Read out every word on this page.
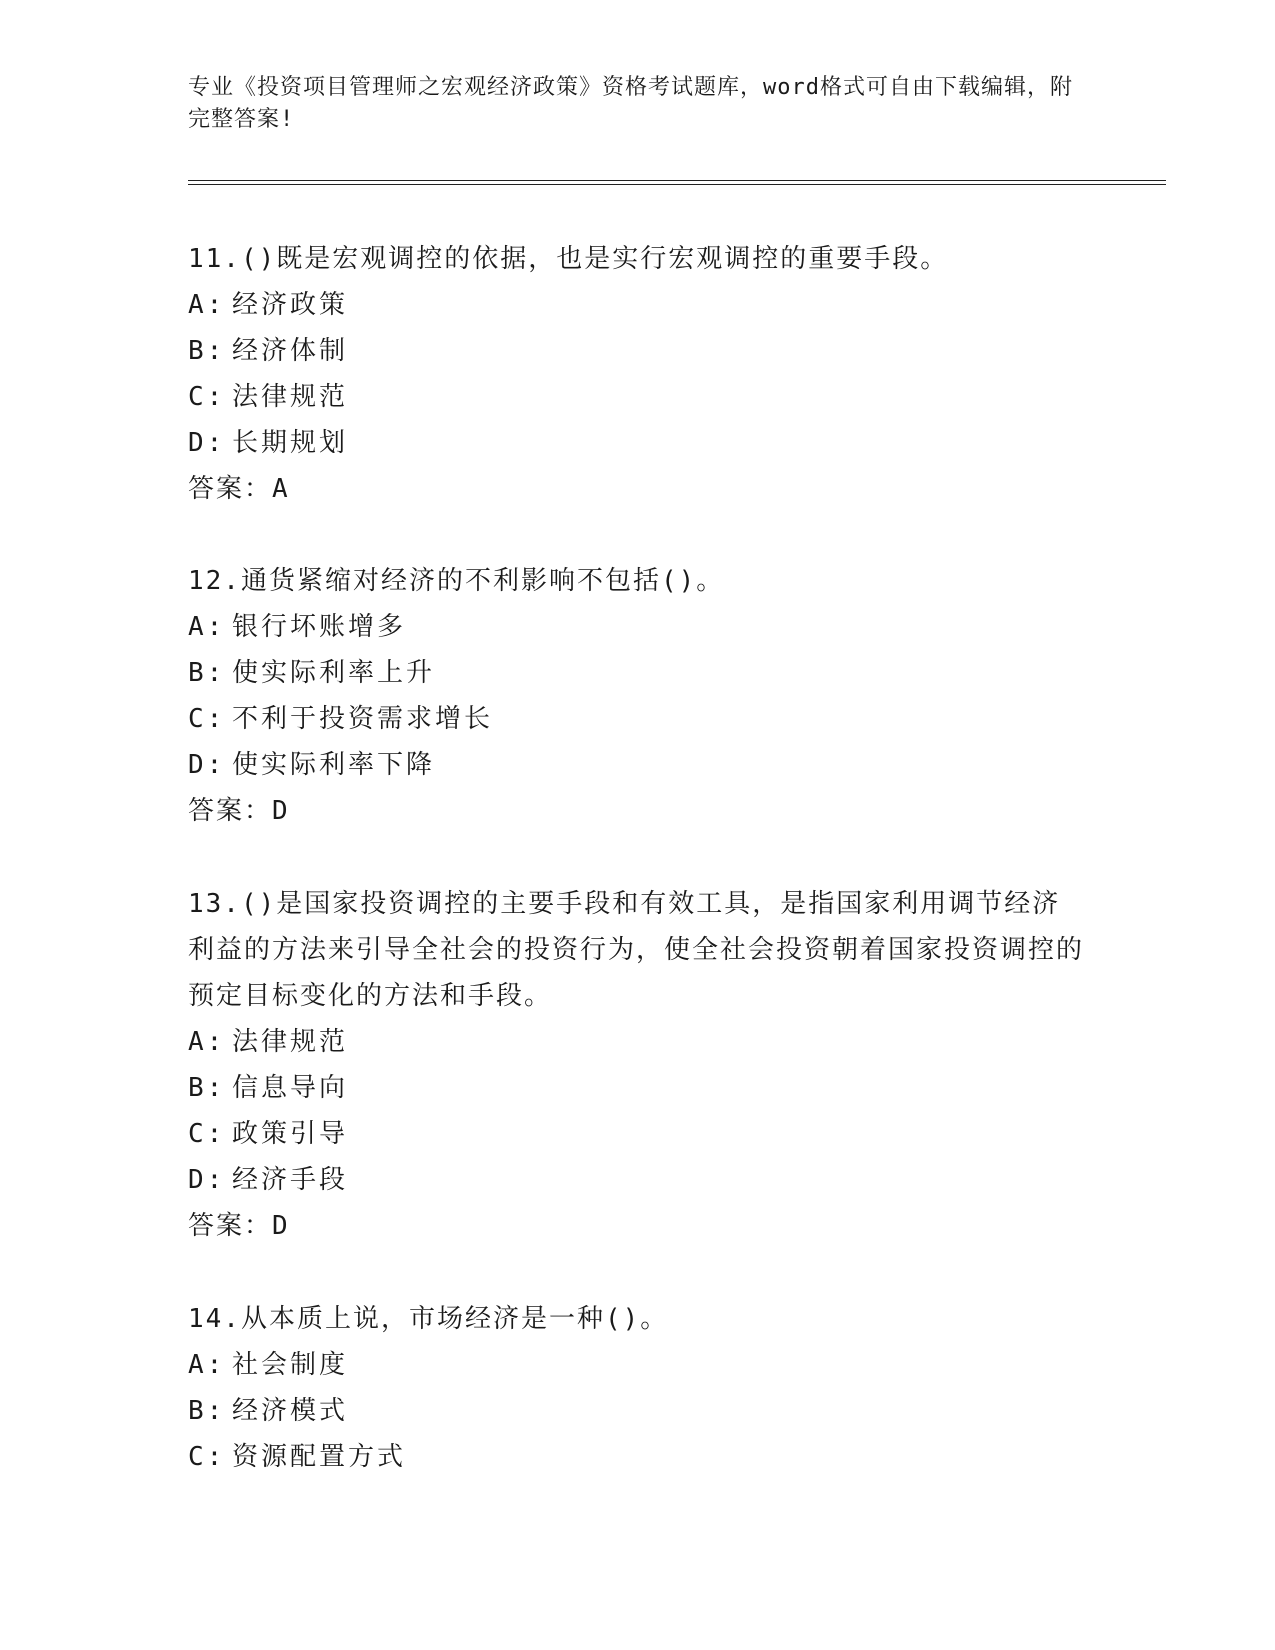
专业《投资项目管理师之宏观经济政策》资格考试题库，word格式可自由下载编辑，附完整答案!
11.()既是宏观调控的依据，也是实行宏观调控的重要手段。
A: 经济政策
B: 经济体制
C: 法律规范
D: 长期规划
答案：A
12.通货紧缩对经济的不利影响不包括()。
A: 银行坏账增多
B: 使实际利率上升
C: 不利于投资需求增长
D: 使实际利率下降
答案：D
13.()是国家投资调控的主要手段和有效工具，是指国家利用调节经济利益的方法来引导全社会的投资行为，使全社会投资朝着国家投资调控的预定目标变化的方法和手段。
A: 法律规范
B: 信息导向
C: 政策引导
D: 经济手段
答案：D
14.从本质上说，市场经济是一种()。
A: 社会制度
B: 经济模式
C: 资源配置方式
